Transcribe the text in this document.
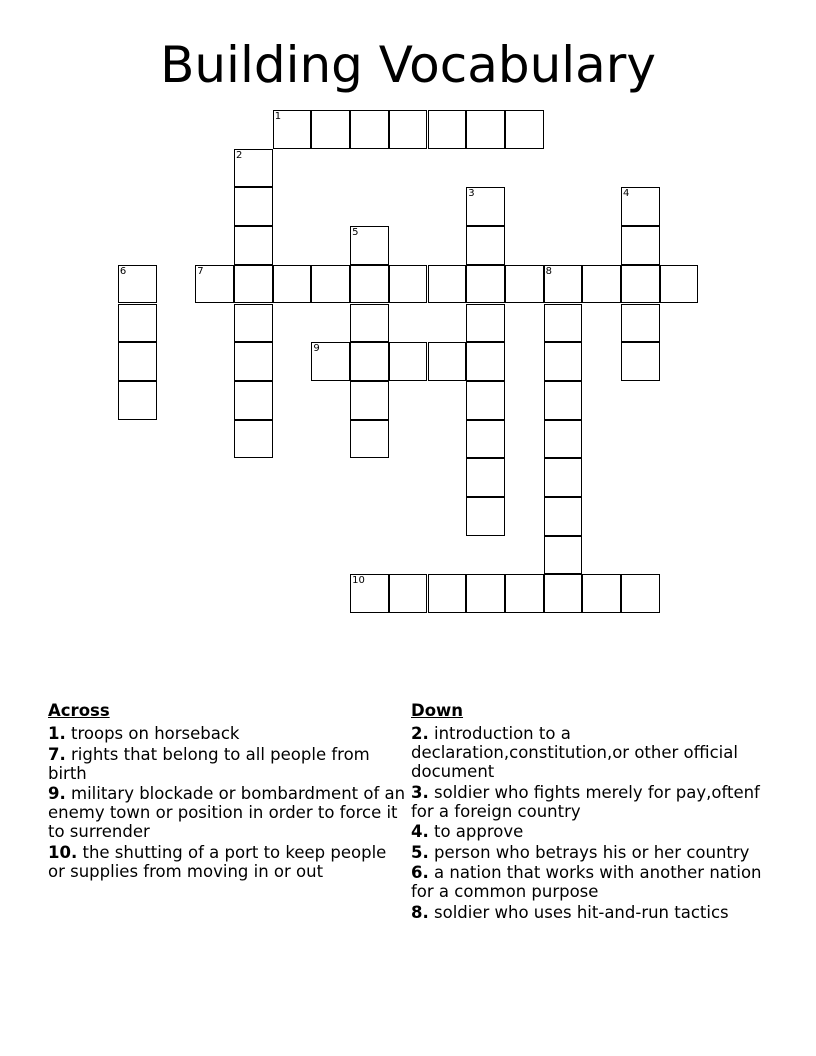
Building Vocabulary
1
2
3	4
5
6	7	8
9
10
Across
1. troops on horseback
7. rights that belong to all people from birth
9. military blockade or bombardment of an enemy town or position in order to force it to surrender
10. the shutting of a port to keep people or supplies from moving in or out
Down
2. introduction to a declaration,constitution,or other official document
3. soldier who fights merely for pay,oftenf for a foreign country
4. to approve
5. person who betrays his or her country
6. a nation that works with another nation for a common purpose
8. soldier who uses hit-and-run tactics
